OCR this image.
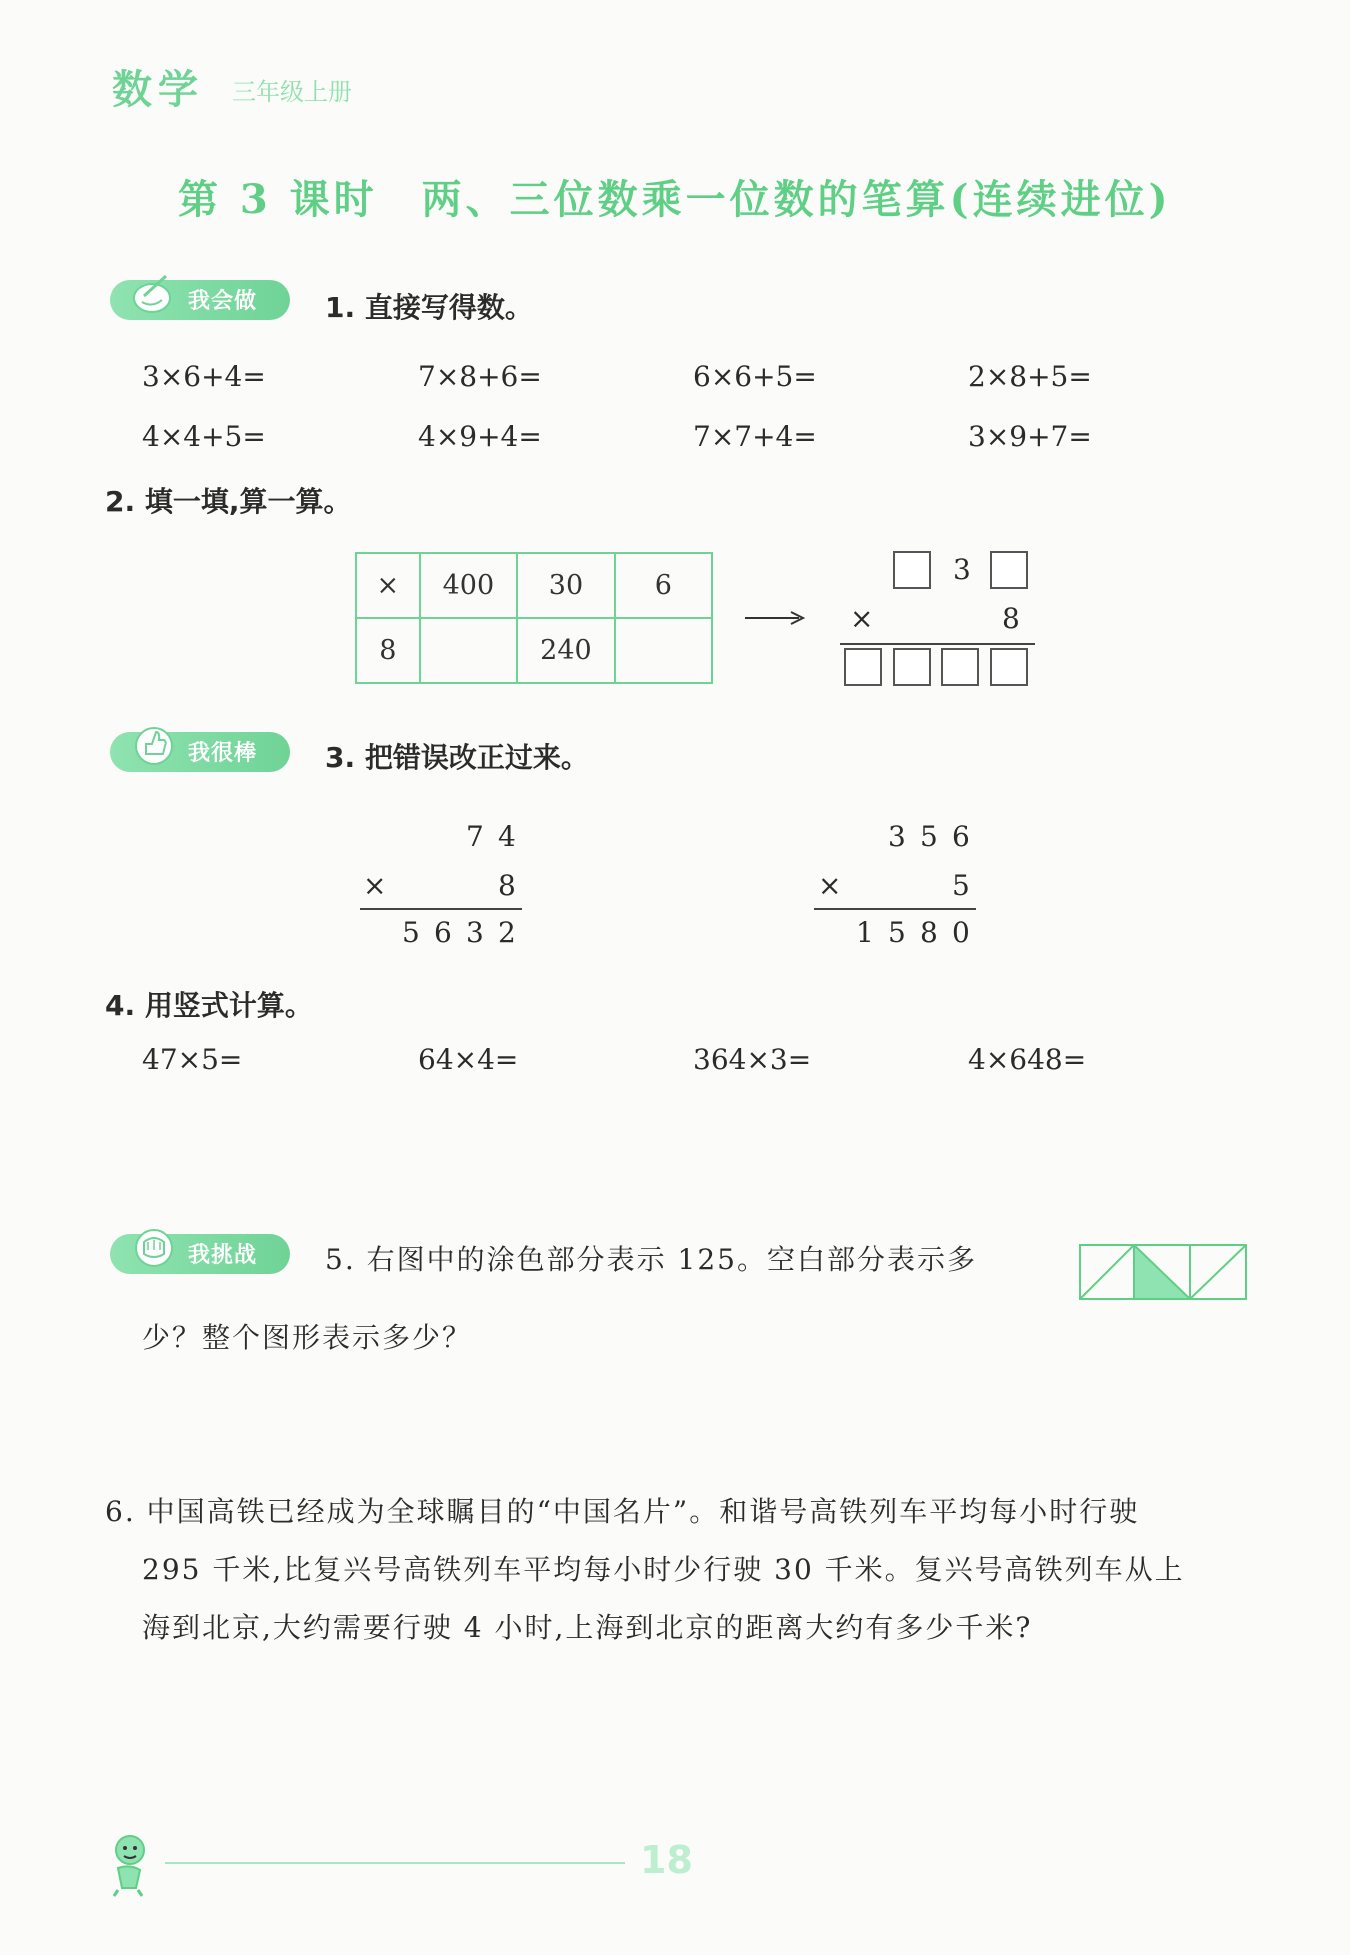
数学 三年级上册
第 3 课时　两、三位数乘一位数的笔算(连续进位)
我会做 1. 直接写得数。
3×6+4=	7×8+6=	6×6+5=	2×8+5=
4×4+5=	4×9+4=	7×7+4=	3×9+7=
2. 填一填,算一算。
×	400	30	6
8		240	
3
×	8
我很棒 3. 把错误改正过来。
7 4
×	8
5 6 3 2
3 5 6
×	5
1 5 8 0
4. 用竖式计算。
47×5=	64×4=	364×3=	4×648=
我挑战 5. 右图中的涂色部分表示 125。空白部分表示多
少？整个图形表示多少？
6. 中国高铁已经成为全球瞩目的“中国名片”。和谐号高铁列车平均每小时行驶
295 千米,比复兴号高铁列车平均每小时少行驶 30 千米。复兴号高铁列车从上
海到北京,大约需要行驶 4 小时,上海到北京的距离大约有多少千米?
18
